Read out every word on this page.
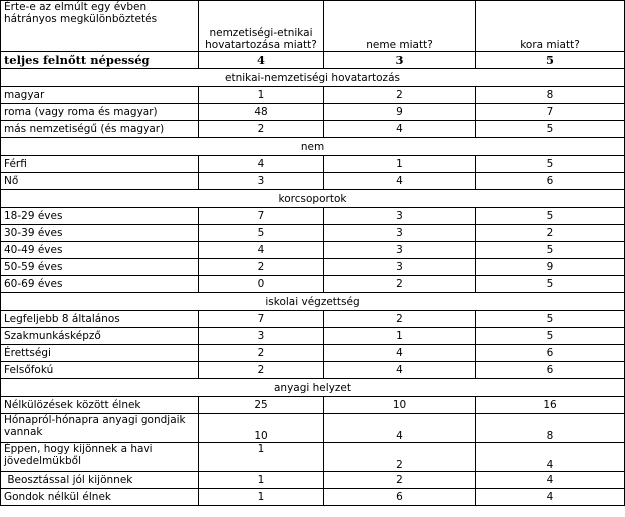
Érte-e az elmúlt egy évben hátrányos megkülönböztetés	nemzetiségi-etnikai hovatartozása miatt?	neme miatt?	kora miatt?
teljes felnőtt népesség	4	3	5
etnikai-nemzetiségi hovatartozás			
magyar	1	2	8
roma (vagy roma és magyar)	48	9	7
más nemzetiségű (és magyar)	2	4	5
nem			
Férfi	4	1	5
Nő	3	4	6
korcsoportok			
18-29 éves	7	3	5
30-39 éves	5	3	2
40-49 éves	4	3	5
50-59 éves	2	3	9
60-69 éves	0	2	5
iskolai végzettség			
Legfeljebb 8 általános	7	2	5
Szakmunkásképző	3	1	5
Érettségi	2	4	6
Felsőfokú	2	4	6
anyagi helyzet			
Nélkülözések között élnek	25	10	16
Hónapról-hónapra anyagi gondjaik vannak	10	4	8
Éppen, hogy kijönnek a havi jövedelmükből	1	2	4
Beosztással jól kijönnek	1	2	4
Gondok nélkül élnek	1	6	4
